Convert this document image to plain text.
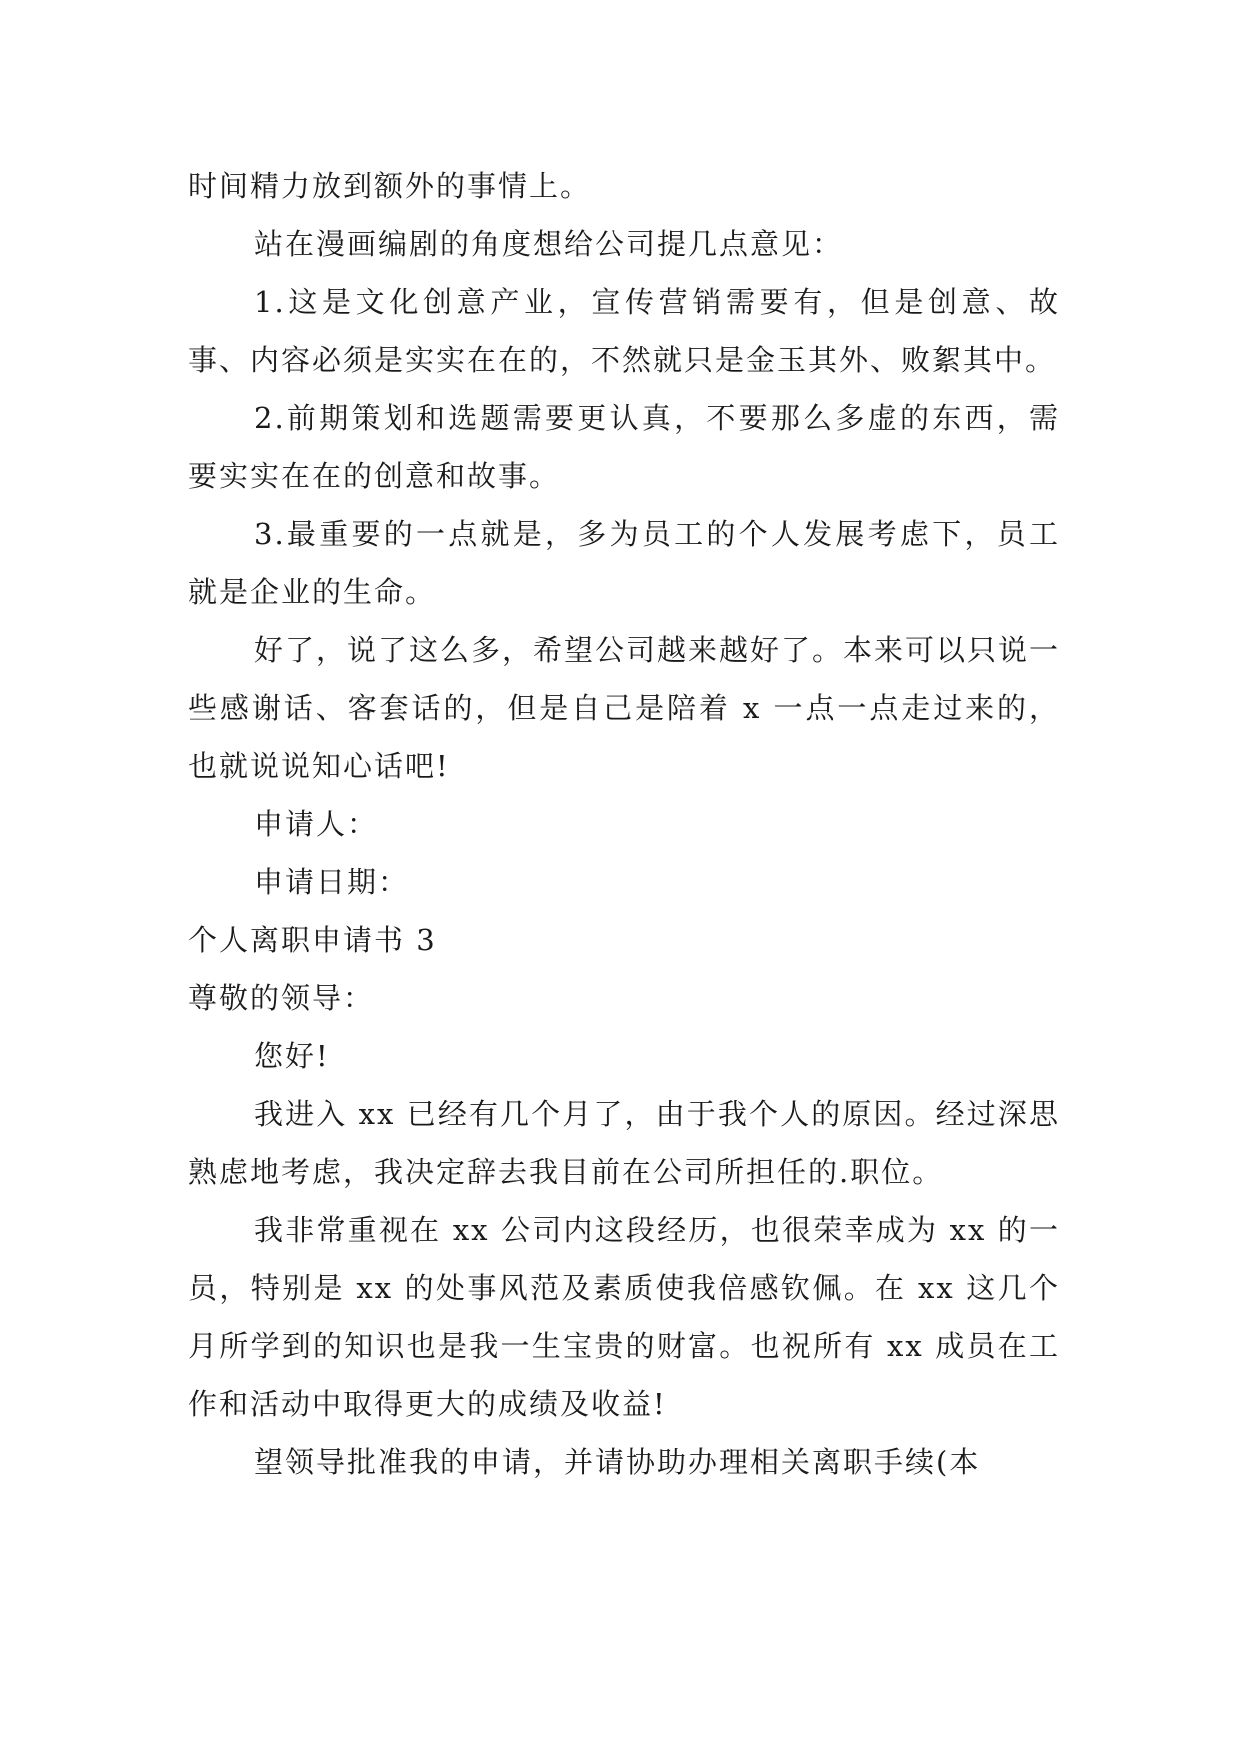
时间精力放到额外的事情上。

站在漫画编剧的角度想给公司提几点意见：

1.这是文化创意产业，宣传营销需要有，但是创意、故事、内容必须是实实在在的，不然就只是金玉其外、败絮其中。

2.前期策划和选题需要更认真，不要那么多虚的东西，需要实实在在的创意和故事。

3.最重要的一点就是，多为员工的个人发展考虑下，员工就是企业的生命。

好了，说了这么多，希望公司越来越好了。本来可以只说一些感谢话、客套话的，但是自己是陪着 x 一点一点走过来的，也就说说知心话吧!

申请人：

申请日期：

个人离职申请书 3

尊敬的领导：

您好!

我进入 xx 已经有几个月了，由于我个人的原因。经过深思熟虑地考虑，我决定辞去我目前在公司所担任的.职位。

我非常重视在 xx 公司内这段经历，也很荣幸成为 xx 的一员，特别是 xx 的处事风范及素质使我倍感钦佩。在 xx 这几个月所学到的知识也是我一生宝贵的财富。也祝所有 xx 成员在工作和活动中取得更大的成绩及收益!

望领导批准我的申请，并请协助办理相关离职手续(本
